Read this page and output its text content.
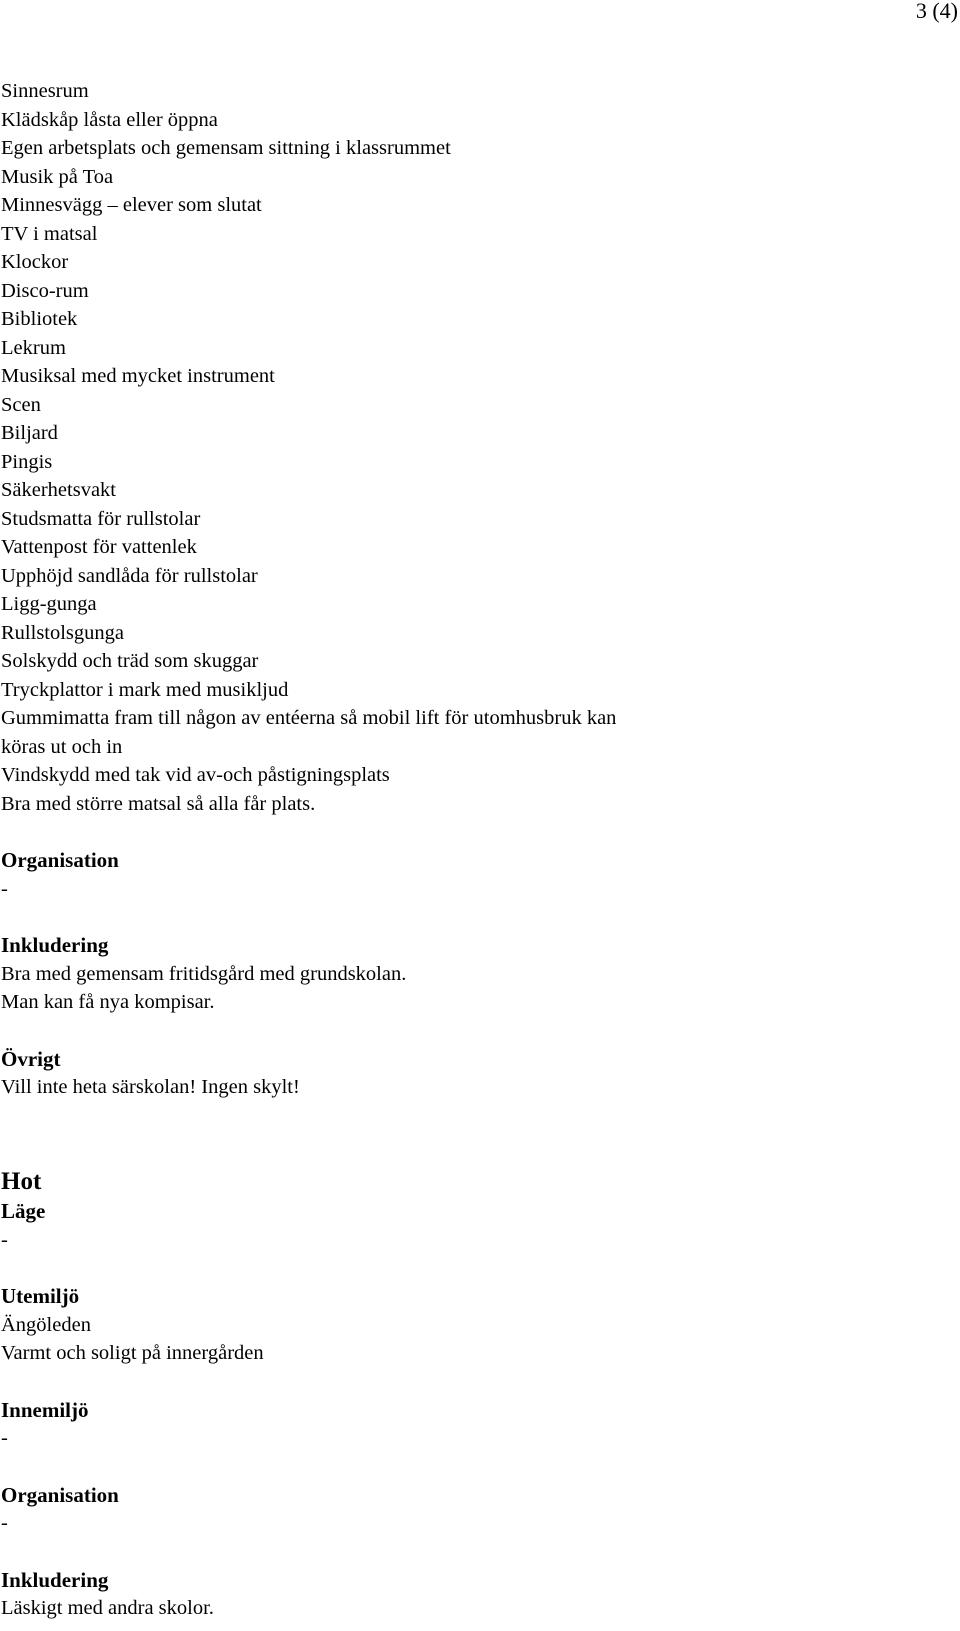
3 (4)
Sinnesrum
Klädskåp låsta eller öppna
Egen arbetsplats och gemensam sittning i klassrummet
Musik på Toa
Minnesvägg – elever som slutat
TV i matsal
Klockor
Disco-rum
Bibliotek
Lekrum
Musiksal med mycket instrument
Scen
Biljard
Pingis
Säkerhetsvakt
Studsmatta för rullstolar
Vattenpost för vattenlek
Upphöjd sandlåda för rullstolar
Ligg-gunga
Rullstolsgunga
Solskydd och träd som skuggar
Tryckplattor i mark med musikljud
Gummimatta fram till någon av entéerna så mobil lift för utomhusbruk kan
köras ut och in
Vindskydd med tak vid av-och påstigningsplats
Bra med större matsal så alla får plats.
Organisation
-
Inkludering
Bra med gemensam fritidsgård med grundskolan.
Man kan få nya kompisar.
Övrigt
Vill inte heta särskolan! Ingen skylt!
Hot
Läge
-
Utemiljö
Ängöleden
Varmt och soligt på innergården
Innemiljö
-
Organisation
-
Inkludering
Läskigt med andra skolor.
